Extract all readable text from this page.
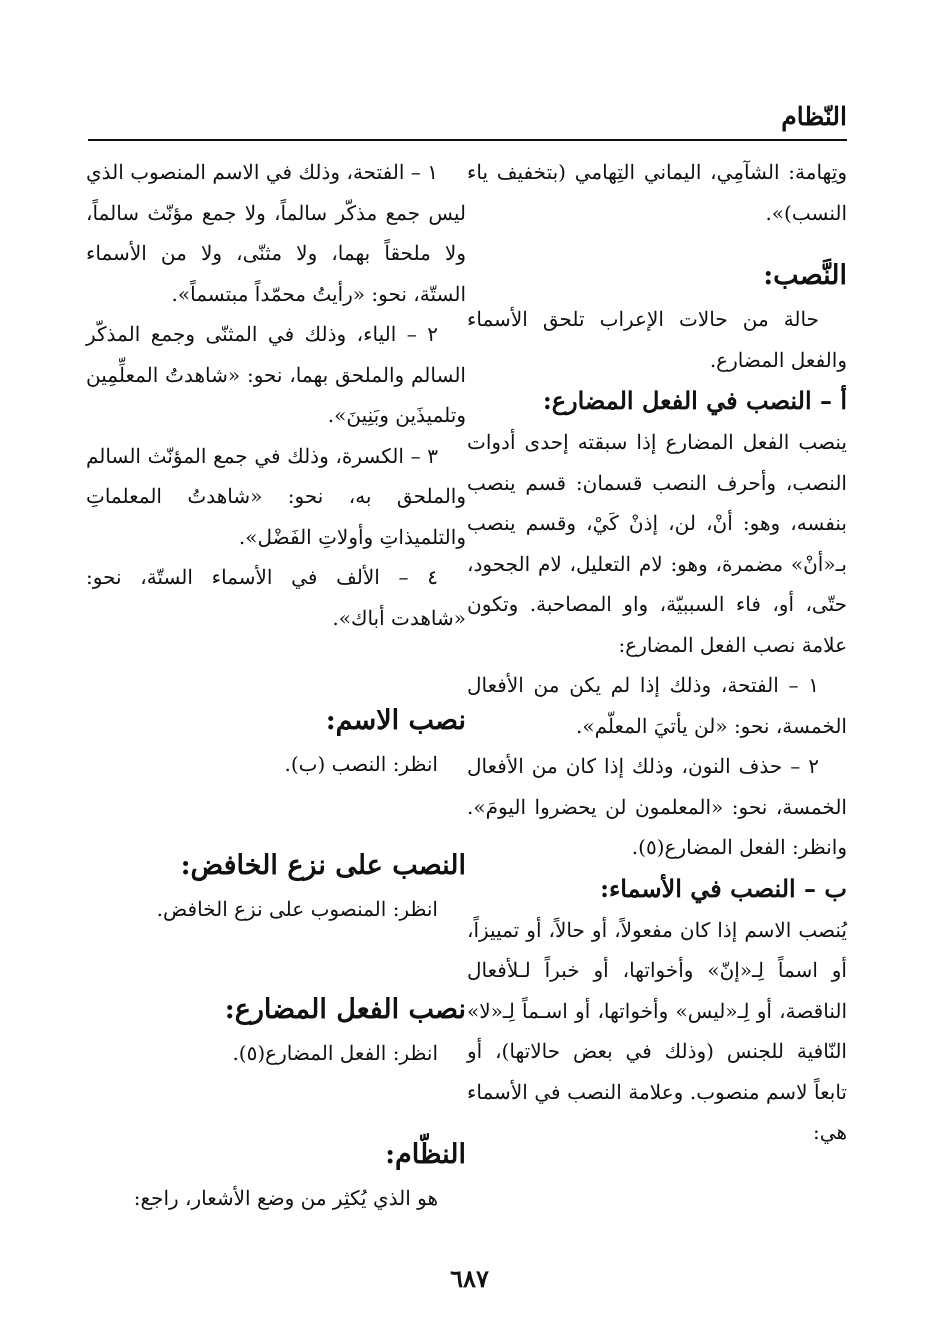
النّظام

وتِهامة: الشآمِي، اليماني التِهامي (بتخفيف ياء النسب)».

النَّصب:

حالة من حالات الإعراب تلحق الأسماء والفعل المضارع.

أ – النصب في الفعل المضارع:

ينصب الفعل المضارع إذا سبقته إحدى أدوات النصب، وأحرف النصب قسمان: قسم ينصب بنفسه، وهو: أنْ، لن، إذنْ كَيْ، وقسم ينصب بـ«أنْ» مضمرة، وهو: لام التعليل، لام الجحود، حتّى، أو، فاء السببيّة، واو المصاحبة. وتكون علامة نصب الفعل المضارع:

١ – الفتحة، وذلك إذا لم يكن من الأفعال الخمسة، نحو: «لن يأتيَ المعلّم».

٢ – حذف النون، وذلك إذا كان من الأفعال الخمسة، نحو: «المعلمون لن يحضروا اليومَ». وانظر: الفعل المضارع(٥).

ب – النصب في الأسماء:

يُنصب الاسم إذا كان مفعولاً، أو حالاً، أو تمييزاً، أو اسماً لِـ«إنّ» وأخواتها، أو خبراً لـلأفعال الناقصة، أو لِـ«ليس» وأخواتها، أو اسـماً لِـ«لا» النّافية للجنس (وذلك في بعض حالاتها)، أو تابعاً لاسم منصوب. وعلامة النصب في الأسماء هي:

١ – الفتحة، وذلك في الاسم المنصوب الذي ليس جمع مذكّر سالماً، ولا جمع مؤنّث سالماً، ولا ملحقاً بهما، ولا مثنّى، ولا من الأسماء الستّة، نحو: «رأيتُ محمّداً مبتسماً».

٢ – الياء، وذلك في المثنّى وجمع المذكّر السالم والملحق بهما، نحو: «شاهدتُ المعلِّمِين وتلميذَين وبَنِينَ».

٣ – الكسرة، وذلك في جمع المؤنّث السالم والملحق به، نحو: «شاهدتُ المعلماتِ والتلميذاتِ وأولاتِ الفَضْل».

٤ – الألف في الأسماء الستّة، نحو: «شاهدت أباك».

نصب الاسم:

انظر: النصب (ب).

النصب على نزع الخافض:

انظر: المنصوب على نزع الخافض.

نصب الفعل المضارع:

انظر: الفعل المضارع(٥).

النظّام:

هو الذي يُكثِر من وضع الأشعار، راجع:

٦٨٧
